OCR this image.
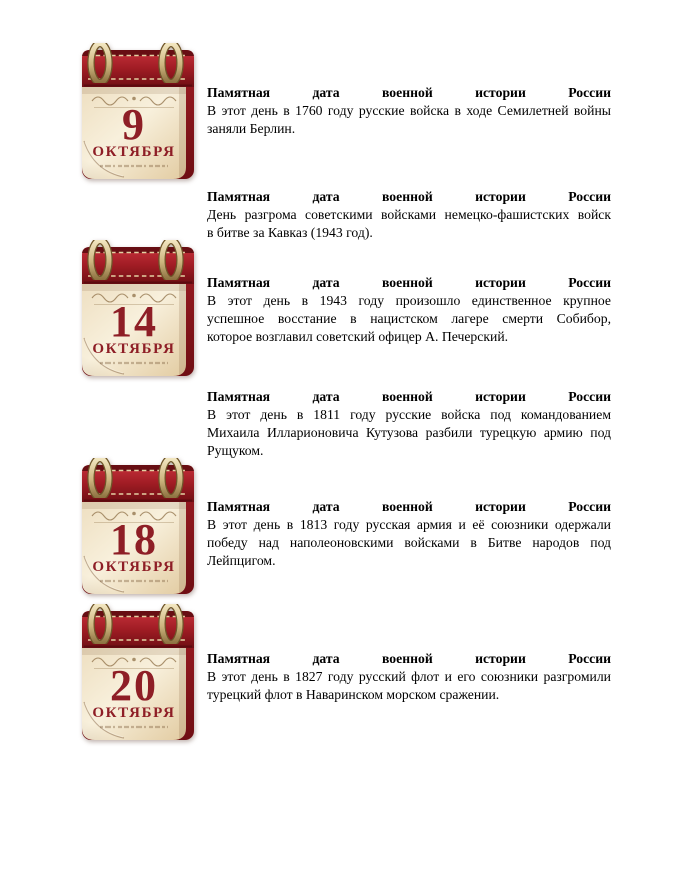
9
ОКТЯБРЯ
Памятная дата военной истории России
В этот день в 1760 году русские войска в ходе Семилетней войны
заняли Берлин.
Памятная дата военной истории России
День разгрома советскими войсками немецко-фашистских войск
в битве за Кавказ (1943 год).
14
ОКТЯБРЯ
Памятная дата военной истории России
В этот день в 1943 году произошло единственное крупное
успешное восстание в нацистском лагере смерти Собибор,
которое возглавил советский офицер А. Печерский.
Памятная дата военной истории России
В этот день в 1811 году русские войска под командованием
Михаила Илларионовича Кутузова разбили турецкую армию под
Рущуком.
18
ОКТЯБРЯ
Памятная дата военной истории России
В этот день в 1813 году русская армия и её союзники одержали
победу над наполеоновскими войсками в Битве народов под
Лейпцигом.
20
ОКТЯБРЯ
Памятная дата военной истории России
В этот день в 1827 году русский флот и его союзники разгромили
турецкий флот в Наваринском морском сражении.
